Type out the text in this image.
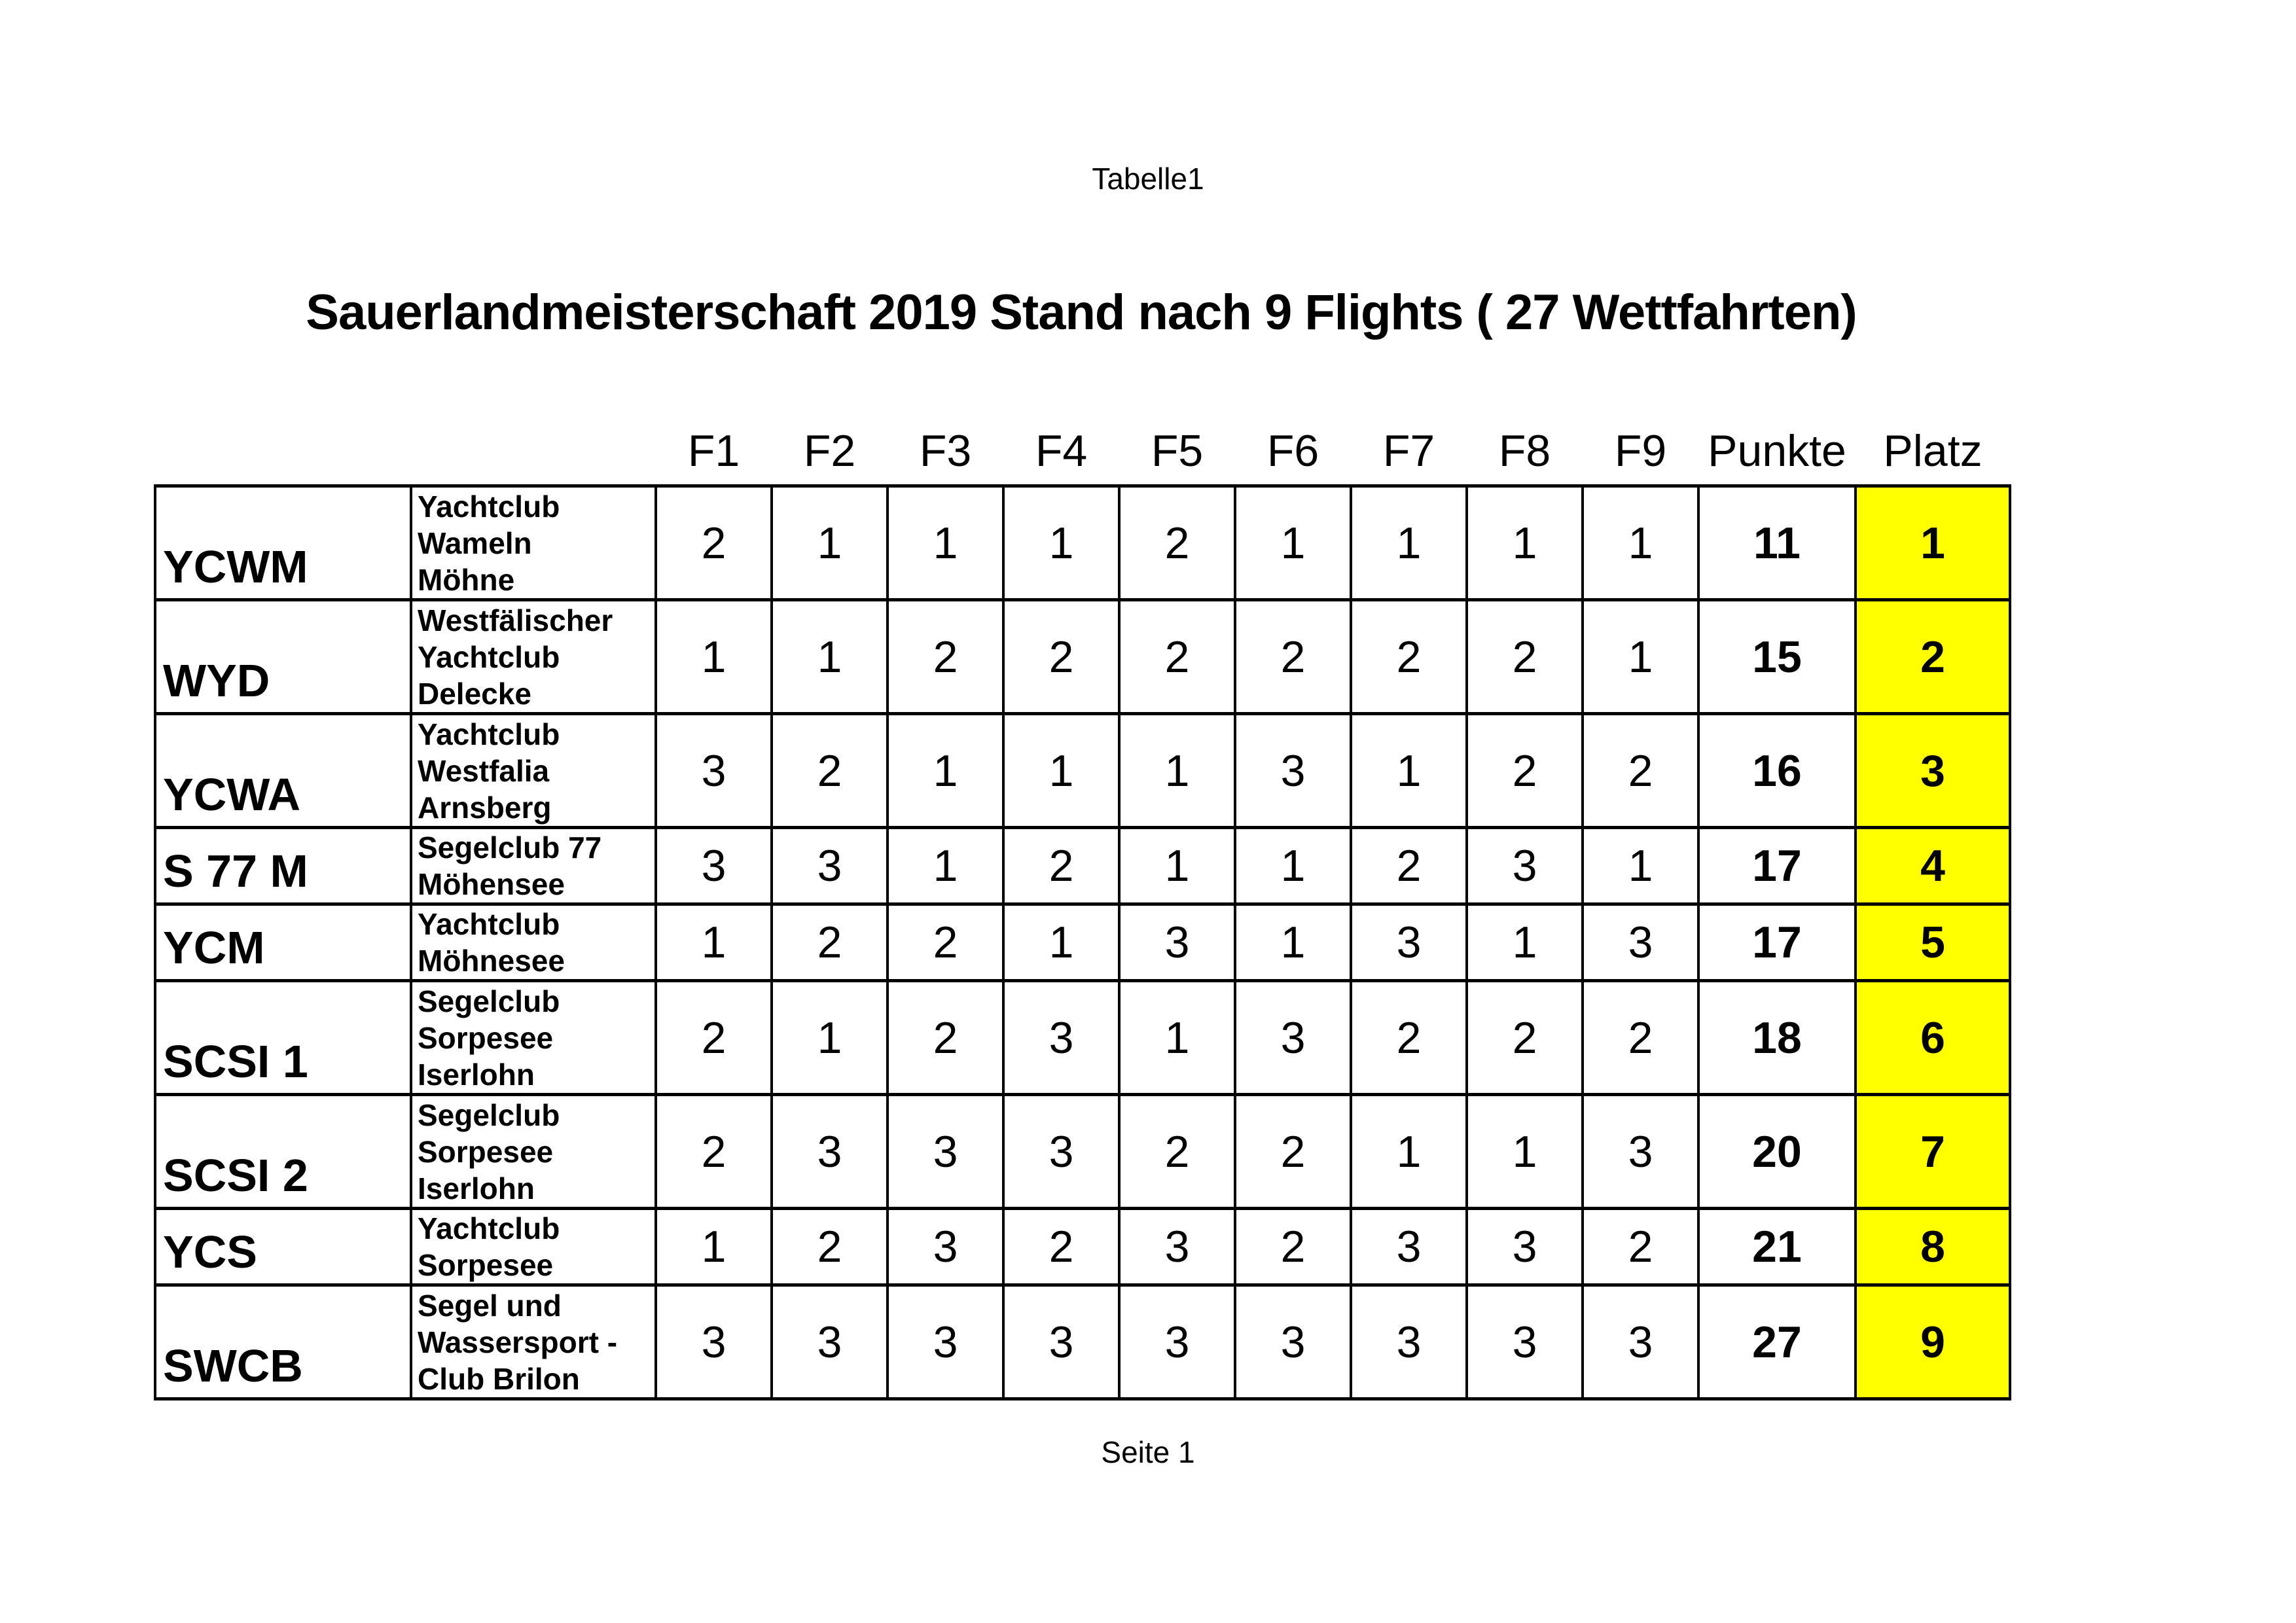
Tabelle1
Sauerlandmeisterschaft 2019 Stand nach 9 Flights ( 27 Wettfahrten)
		F1	F2	F3	F4	F5	F6	F7	F8	F9	Punkte	Platz
YCWM	Yachtclub
Wameln
Möhne	2	1	1	1	2	1	1	1	1	11	1
WYD	Westfälischer
Yachtclub
Delecke	1	1	2	2	2	2	2	2	1	15	2
YCWA	Yachtclub
Westfalia
Arnsberg	3	2	1	1	1	3	1	2	2	16	3
S 77 M	Segelclub 77
Möhensee	3	3	1	2	1	1	2	3	1	17	4
YCM	Yachtclub
Möhnesee	1	2	2	1	3	1	3	1	3	17	5
SCSI 1	Segelclub
Sorpesee
Iserlohn	2	1	2	3	1	3	2	2	2	18	6
SCSI 2	Segelclub
Sorpesee
Iserlohn	2	3	3	3	2	2	1	1	3	20	7
YCS	Yachtclub
Sorpesee	1	2	3	2	3	2	3	3	2	21	8
SWCB	Segel und
Wassersport -
Club Brilon	3	3	3	3	3	3	3	3	3	27	9
Seite 1
